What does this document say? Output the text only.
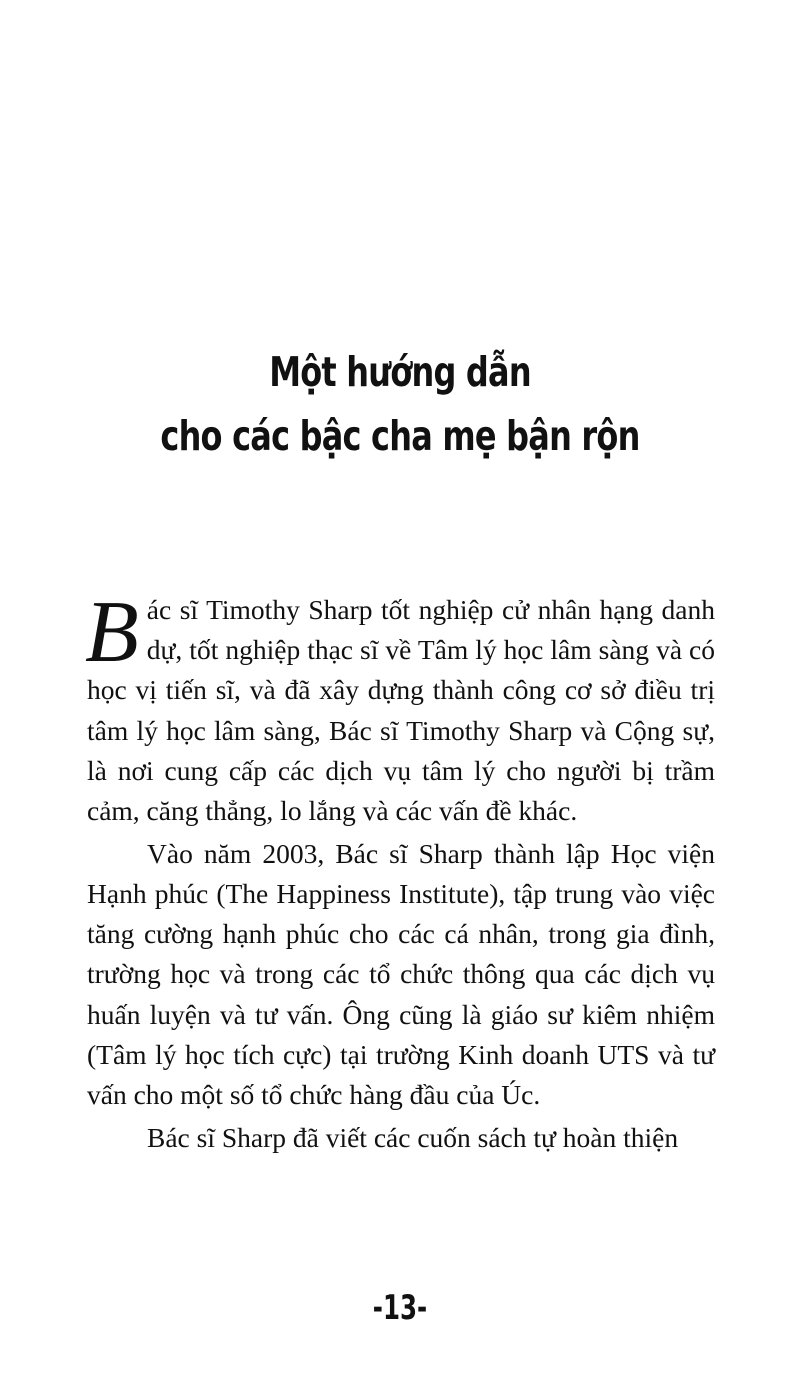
Một hướng dẫn
cho các bậc cha mẹ bận rộn

Bác sĩ Timothy Sharp tốt nghiệp cử nhân hạng danh dự, tốt nghiệp thạc sĩ về Tâm lý học lâm sàng và có học vị tiến sĩ, và đã xây dựng thành công cơ sở điều trị tâm lý học lâm sàng, Bác sĩ Timothy Sharp và Cộng sự, là nơi cung cấp các dịch vụ tâm lý cho người bị trầm cảm, căng thẳng, lo lắng và các vấn đề khác.

Vào năm 2003, Bác sĩ Sharp thành lập Học viện Hạnh phúc (The Happiness Institute), tập trung vào việc tăng cường hạnh phúc cho các cá nhân, trong gia đình, trường học và trong các tổ chức thông qua các dịch vụ huấn luyện và tư vấn. Ông cũng là giáo sư kiêm nhiệm (Tâm lý học tích cực) tại trường Kinh doanh UTS và tư vấn cho một số tổ chức hàng đầu của Úc.

Bác sĩ Sharp đã viết các cuốn sách tự hoàn thiện

-13-
